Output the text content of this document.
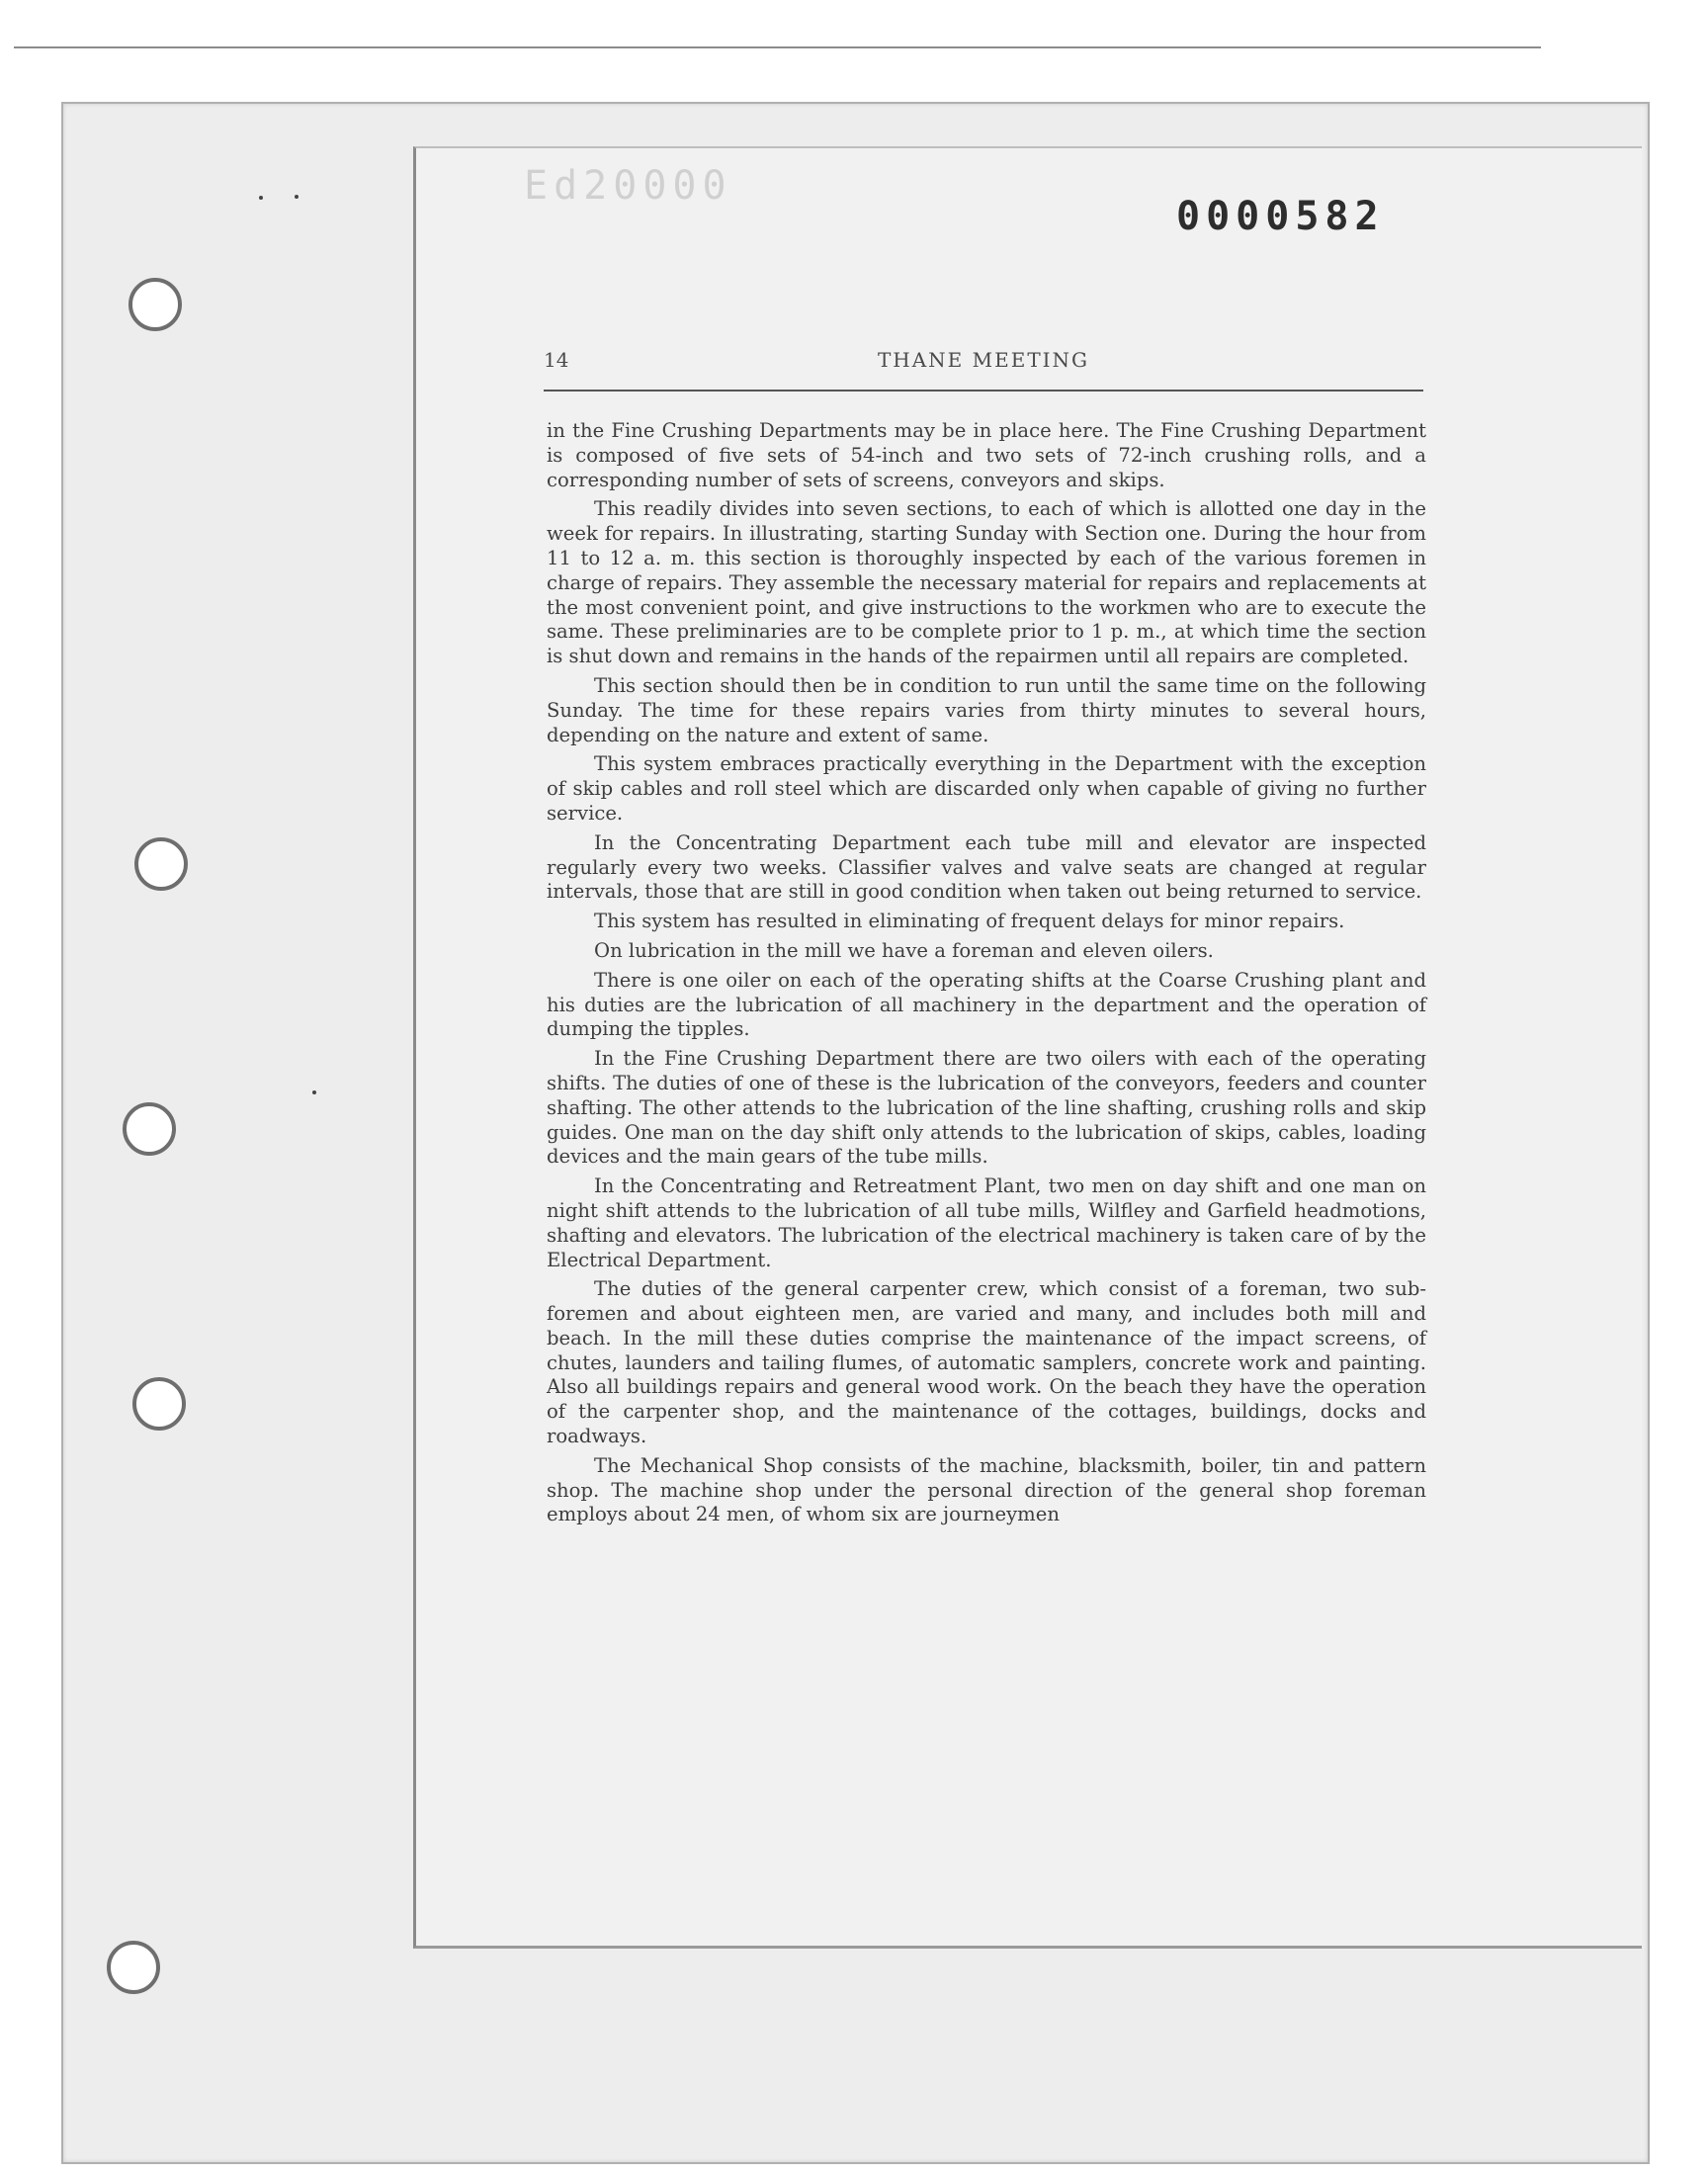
Ed20000
0000582
14	THANE MEETING

in the Fine Crushing Departments may be in place here. The Fine Crushing Department is composed of five sets of 54-inch and two sets of 72-inch crushing rolls, and a corresponding number of sets of screens, conveyors and skips.

This readily divides into seven sections, to each of which is allotted one day in the week for repairs. In illustrating, starting Sunday with Section one. During the hour from 11 to 12 a. m. this section is thoroughly inspected by each of the various foremen in charge of repairs. They assemble the necessary material for repairs and replacements at the most convenient point, and give instructions to the workmen who are to execute the same. These preliminaries are to be complete prior to 1 p. m., at which time the section is shut down and remains in the hands of the repairmen until all repairs are completed.

This section should then be in condition to run until the same time on the following Sunday. The time for these repairs varies from thirty minutes to several hours, depending on the nature and extent of same.

This system embraces practically everything in the Department with the exception of skip cables and roll steel which are discarded only when capable of giving no further service.

In the Concentrating Department each tube mill and elevator are inspected regularly every two weeks. Classifier valves and valve seats are changed at regular intervals, those that are still in good condition when taken out being returned to service.

This system has resulted in eliminating of frequent delays for minor repairs.

On lubrication in the mill we have a foreman and eleven oilers.

There is one oiler on each of the operating shifts at the Coarse Crushing plant and his duties are the lubrication of all machinery in the department and the operation of dumping the tipples.

In the Fine Crushing Department there are two oilers with each of the operating shifts. The duties of one of these is the lubrication of the conveyors, feeders and counter shafting. The other attends to the lubrication of the line shafting, crushing rolls and skip guides. One man on the day shift only attends to the lubrication of skips, cables, loading devices and the main gears of the tube mills.

In the Concentrating and Retreatment Plant, two men on day shift and one man on night shift attends to the lubrication of all tube mills, Wilfley and Garfield headmotions, shafting and elevators. The lubrication of the electrical machinery is taken care of by the Electrical Department.

The duties of the general carpenter crew, which consist of a foreman, two sub-foremen and about eighteen men, are varied and many, and includes both mill and beach. In the mill these duties comprise the maintenance of the impact screens, of chutes, launders and tailing flumes, of automatic samplers, concrete work and painting. Also all buildings repairs and general wood work. On the beach they have the operation of the carpenter shop, and the maintenance of the cottages, buildings, docks and roadways.

The Mechanical Shop consists of the machine, blacksmith, boiler, tin and pattern shop. The machine shop under the personal direction of the general shop foreman employs about 24 men, of whom six are journeymen
